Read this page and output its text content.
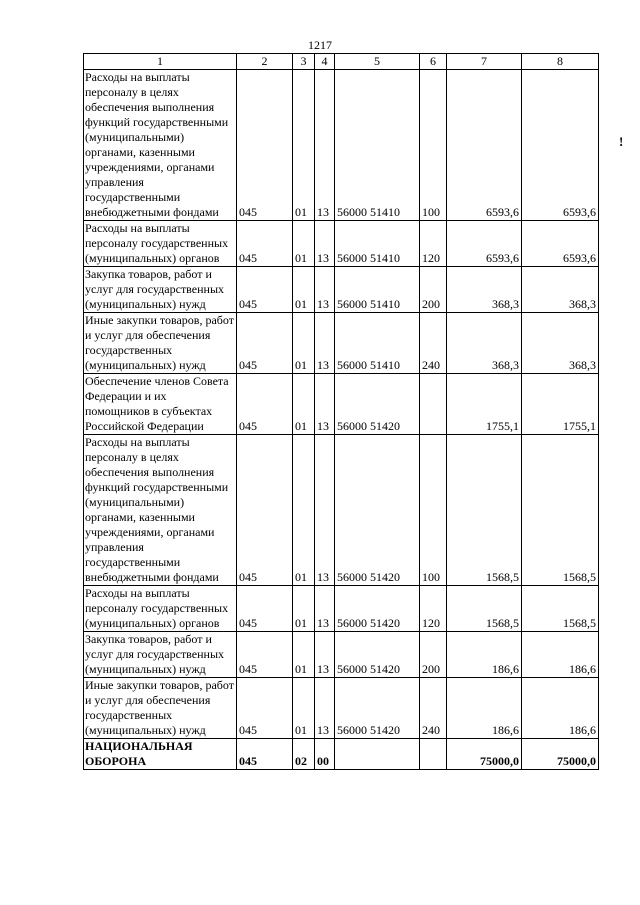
1217
1	2	3	4	5	6	7	8
Расходы на выплаты персоналу в целях обеспечения выполнения функций государственными (муниципальными) органами, казенными учреждениями, органами управления государственными внебюджетными фондами	045	01	13	56000 51410	100	6593,6	6593,6
Расходы на выплаты персоналу государственных (муниципальных) органов	045	01	13	56000 51410	120	6593,6	6593,6
Закупка товаров, работ и услуг для государственных (муниципальных) нужд	045	01	13	56000 51410	200	368,3	368,3
Иные закупки товаров, работ и услуг для обеспечения государственных (муниципальных) нужд	045	01	13	56000 51410	240	368,3	368,3
Обеспечение членов Совета Федерации и их помощников в субъектах Российской Федерации	045	01	13	56000 51420		1755,1	1755,1
Расходы на выплаты персоналу в целях обеспечения выполнения функций государственными (муниципальными) органами, казенными учреждениями, органами управления государственными внебюджетными фондами	045	01	13	56000 51420	100	1568,5	1568,5
Расходы на выплаты персоналу государственных (муниципальных) органов	045	01	13	56000 51420	120	1568,5	1568,5
Закупка товаров, работ и услуг для государственных (муниципальных) нужд	045	01	13	56000 51420	200	186,6	186,6
Иные закупки товаров, работ и услуг для обеспечения государственных (муниципальных) нужд	045	01	13	56000 51420	240	186,6	186,6
НАЦИОНАЛЬНАЯ ОБОРОНА	045	02	00			75000,0	75000,0
!
